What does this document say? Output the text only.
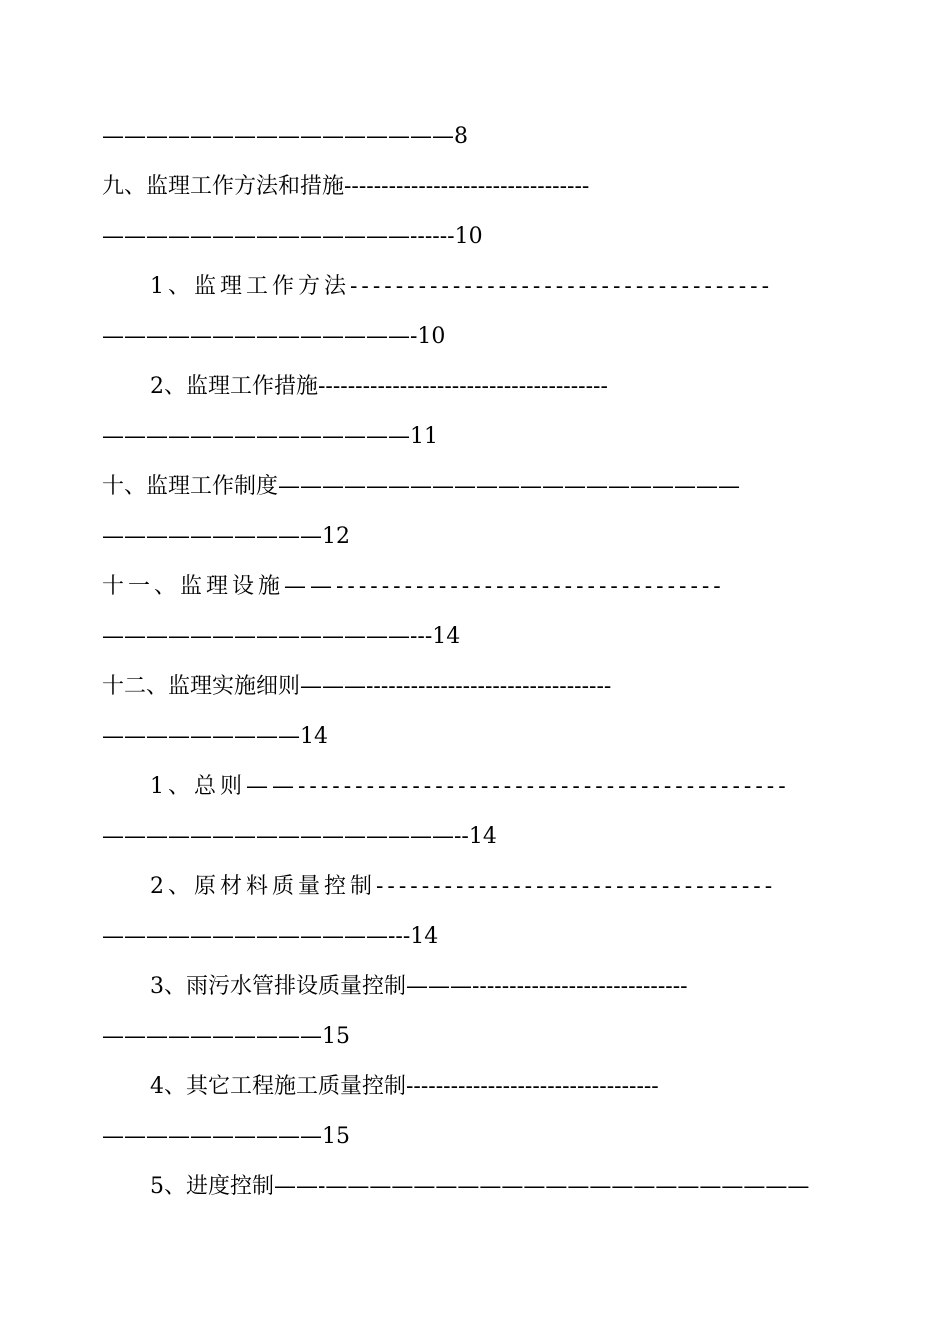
————————————————8
九、监理工作方法和措施---------------------------------
——————————————------10
1、监理工作方法-------------------------------------
——————————————-10
2、监理工作措施---------------------------------------
——————————————11
十、监理工作制度—————————————————————
——————————12
十一、监理设施——----------------------------------
——————————————---14
十二、监理实施细则———---------------------------------
—————————14
1、总则——-------------------------------------------
————————————————--14
2、原材料质量控制-----------------------------------
—————————————---14
3、雨污水管排设质量控制———-----------------------------
——————————15
4、其它工程施工质量控制----------------------------------
——————————15
5、进度控制——-——————————————————————
